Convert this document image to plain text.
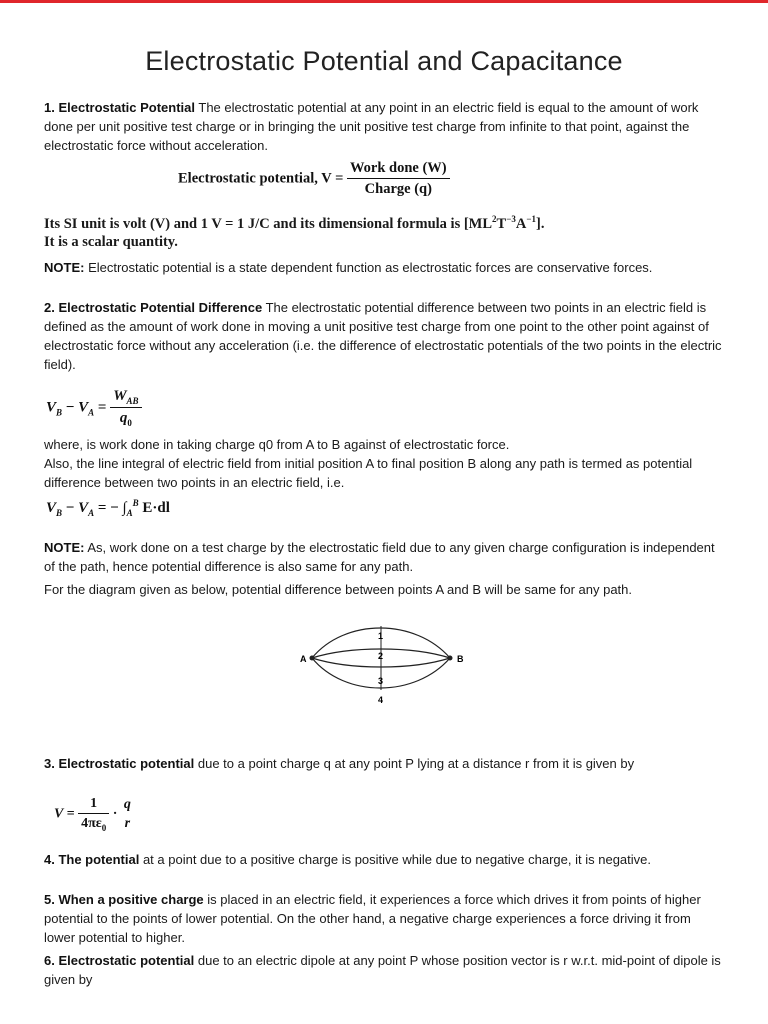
Electrostatic Potential and Capacitance
1. Electrostatic Potential The electrostatic potential at any point in an electric field is equal to the amount of work done per unit positive test charge or in bringing the unit positive test charge from infinite to that point, against the electrostatic force without acceleration.
Electrostatic potential, $V = \frac{\text{Work done (W)}}{\text{Charge (q)}}$
Its SI unit is volt (V) and 1 V = 1 J/C and its dimensional formula is $[ML^2T^{-3}A^{-1}]$.
It is a scalar quantity.
NOTE: Electrostatic potential is a state dependent function as electrostatic forces are conservative forces.
2. Electrostatic Potential Difference The electrostatic potential difference between two points in an electric field is defined as the amount of work done in moving a unit positive test charge from one point to the other point against of electrostatic force without any acceleration (i.e. the difference of electrostatic potentials of the two points in the electric field).
$V_B - V_A = \frac{W_{AB}}{q_0}$
where, is work done in taking charge q0 from A to B against of electrostatic force.
Also, the line integral of electric field from initial position A to final position B along any path is termed as potential difference between two points in an electric field, i.e.
$V_B - V_A$ = − $\int_A^B$ E·dl
NOTE: As, work done on a test charge by the electrostatic field due to any given charge configuration is independent of the path, hence potential difference is also same for any path.
For the diagram given as below, potential difference between points A and B will be same for any path.
A	B
1
2
3
4
3. Electrostatic potential due to a point charge q at any point P lying at a distance r from it is given by
$V = \frac{1}{4\pi\varepsilon_0}$ ·
q
r
4. The potential at a point due to a positive charge is positive while due to negative charge, it is negative.
5. When a positive charge is placed in an electric field, it experiences a force which drives it from points of higher potential to the points of lower potential. On the other hand, a negative charge experiences a force driving it from lower potential to higher.
6. Electrostatic potential due to an electric dipole at any point P whose position vector is r w.r.t. mid-point of dipole is given by
